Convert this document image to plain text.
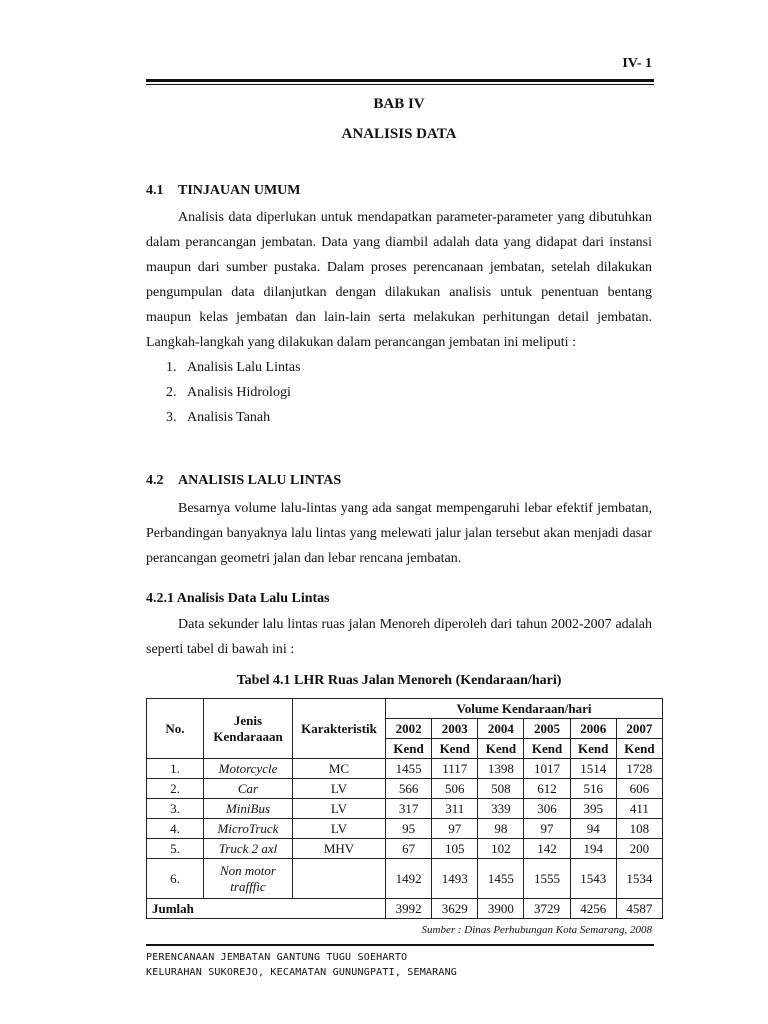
IV- 1
BAB IV
ANALISIS DATA
4.1 TINJAUAN UMUM
Analisis data diperlukan untuk mendapatkan parameter-parameter yang dibutuhkan dalam perancangan jembatan. Data yang diambil adalah data yang didapat dari instansi maupun dari sumber pustaka. Dalam proses perencanaan jembatan, setelah dilakukan pengumpulan data dilanjutkan dengan dilakukan analisis untuk penentuan bentang maupun kelas jembatan dan lain-lain serta melakukan perhitungan detail jembatan. Langkah-langkah yang dilakukan dalam perancangan jembatan ini meliputi :
1. Analisis Lalu Lintas
2. Analisis Hidrologi
3. Analisis Tanah
4.2 ANALISIS LALU LINTAS
Besarnya volume lalu-lintas yang ada sangat mempengaruhi lebar efektif jembatan, Perbandingan banyaknya lalu lintas yang melewati jalur jalan tersebut akan menjadi dasar perancangan geometri jalan dan lebar rencana jembatan.
4.2.1 Analisis Data Lalu Lintas
Data sekunder lalu lintas ruas jalan Menoreh diperoleh dari tahun 2002-2007 adalah seperti tabel di bawah ini :
Tabel 4.1 LHR Ruas Jalan Menoreh (Kendaraan/hari)
No.	Jenis Kendaraaan	Karakteristik	Volume Kendaraan/hari					
			2002	2003	2004	2005	2006	2007
			Kend	Kend	Kend	Kend	Kend	Kend
1.	Motorcycle	MC	1455	1117	1398	1017	1514	1728
2.	Car	LV	566	506	508	612	516	606
3.	MiniBus	LV	317	311	339	306	395	411
4.	MicroTruck	LV	95	97	98	97	94	108
5.	Truck 2 axl	MHV	67	105	102	142	194	200
6.	Non motor trafffic		1492	1493	1455	1555	1543	1534
Jumlah			3992	3629	3900	3729	4256	4587
Sumber : Dinas Perhubungan Kota Semarang, 2008
PERENCANAAN JEMBATAN GANTUNG TUGU SOEHARTO
KELURAHAN SUKOREJO, KECAMATAN GUNUNGPATI, SEMARANG
